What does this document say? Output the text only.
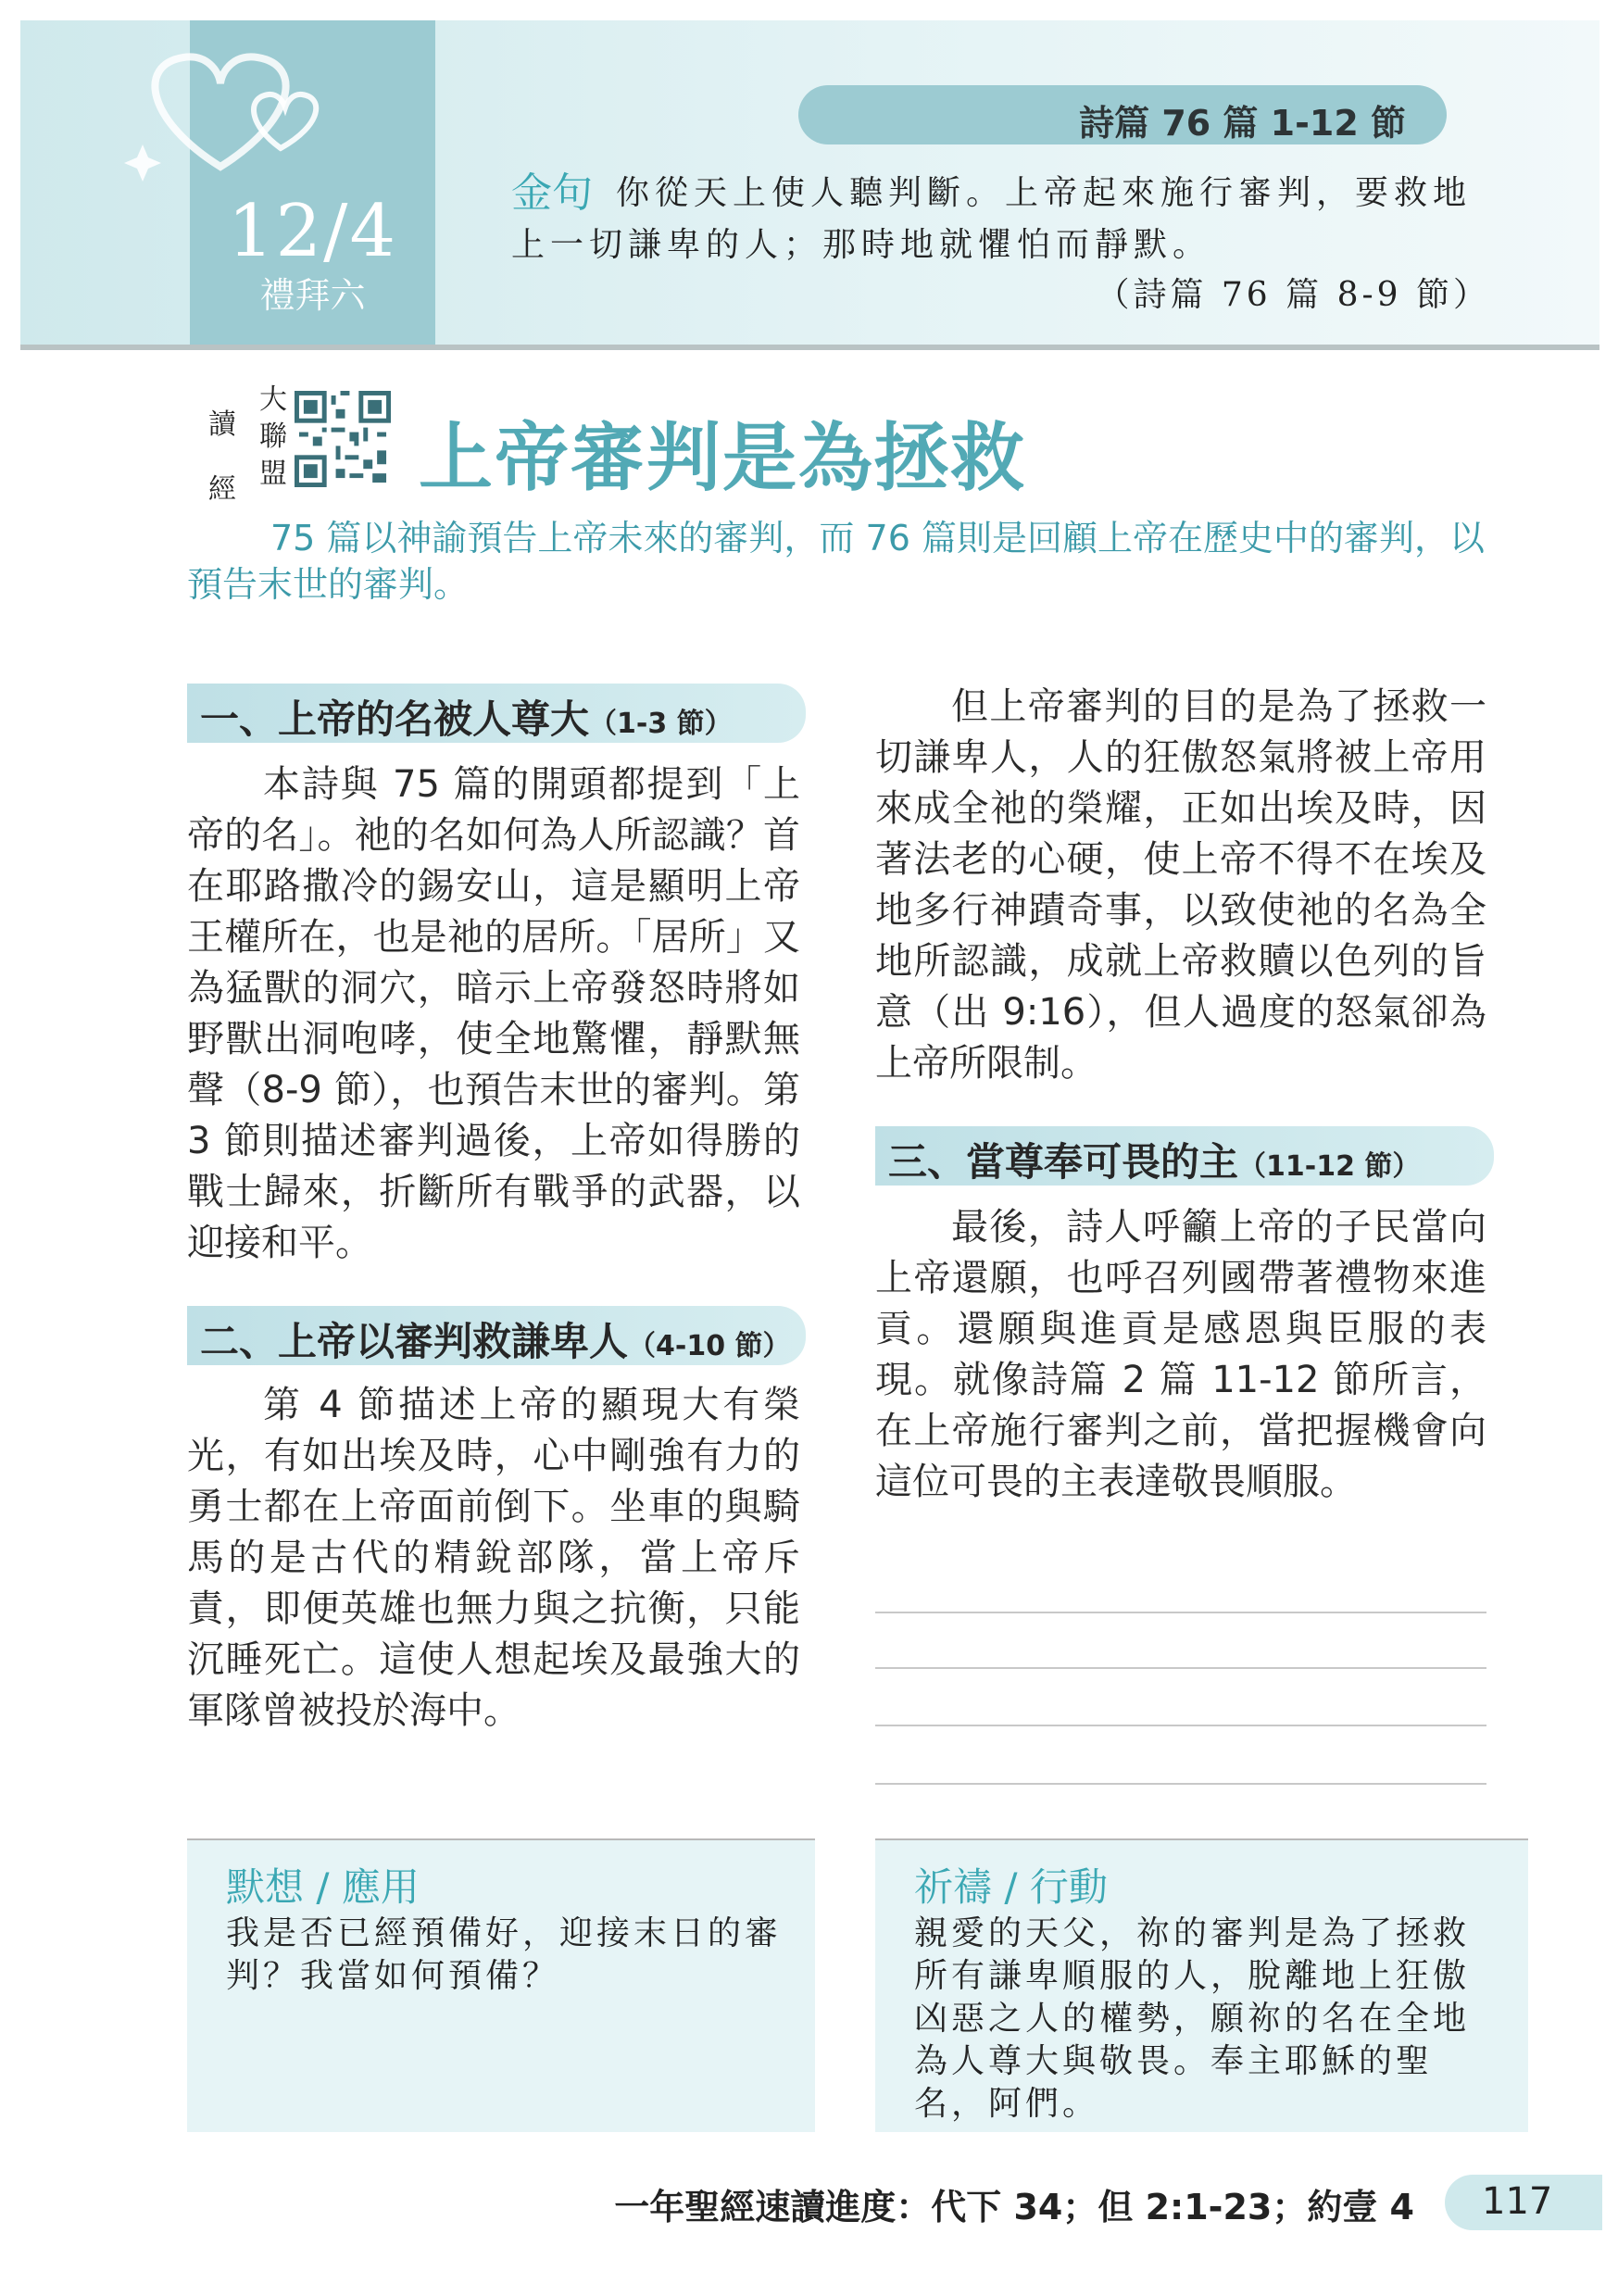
12/4
禮拜六
詩篇 76 篇 1-12 節
金句 你從天上使人聽判斷。上帝起來施行審判，要救地
上一切謙卑的人；那時地就懼怕而靜默。
（詩篇 76 篇 8-9 節）
讀
經
大
聯
盟 上帝審判是為拯救
75 篇以神諭預告上帝未來的審判，而 76 篇則是回顧上帝在歷史中的審判，以預告末世的審判。
一、上帝的名被人尊大（1-3 節）
本詩與 75 篇的開頭都提到「上帝的名」。祂的名如何為人所認識？首在耶路撒冷的錫安山，這是顯明上帝王權所在，也是祂的居所。「居所」又為猛獸的洞穴，暗示上帝發怒時將如野獸出洞咆哮，使全地驚懼，靜默無聲（8-9 節），也預告末世的審判。第 3 節則描述審判過後，上帝如得勝的戰士歸來，折斷所有戰爭的武器，以迎接和平。
二、上帝以審判救謙卑人（4-10 節）
第 4 節描述上帝的顯現大有榮光，有如出埃及時，心中剛強有力的勇士都在上帝面前倒下。坐車的與騎馬的是古代的精銳部隊，當上帝斥責，即便英雄也無力與之抗衡，只能沉睡死亡。這使人想起埃及最強大的軍隊曾被投於海中。
但上帝審判的目的是為了拯救一切謙卑人，人的狂傲怒氣將被上帝用來成全祂的榮耀，正如出埃及時，因著法老的心硬，使上帝不得不在埃及地多行神蹟奇事，以致使祂的名為全地所認識，成就上帝救贖以色列的旨意（出 9:16），但人過度的怒氣卻為上帝所限制。
三、當尊奉可畏的主（11-12 節）
最後，詩人呼籲上帝的子民當向上帝還願，也呼召列國帶著禮物來進貢。還願與進貢是感恩與臣服的表現。就像詩篇 2 篇 11-12 節所言，在上帝施行審判之前，當把握機會向這位可畏的主表達敬畏順服。
默想 / 應用
我是否已經預備好，迎接末日的審判？我當如何預備？
祈禱 / 行動
親愛的天父，祢的審判是為了拯救所有謙卑順服的人，脫離地上狂傲凶惡之人的權勢，願祢的名在全地為人尊大與敬畏。奉主耶穌的聖名，阿們。
一年聖經速讀進度：代下 34；但 2:1-23；約壹 4 117
